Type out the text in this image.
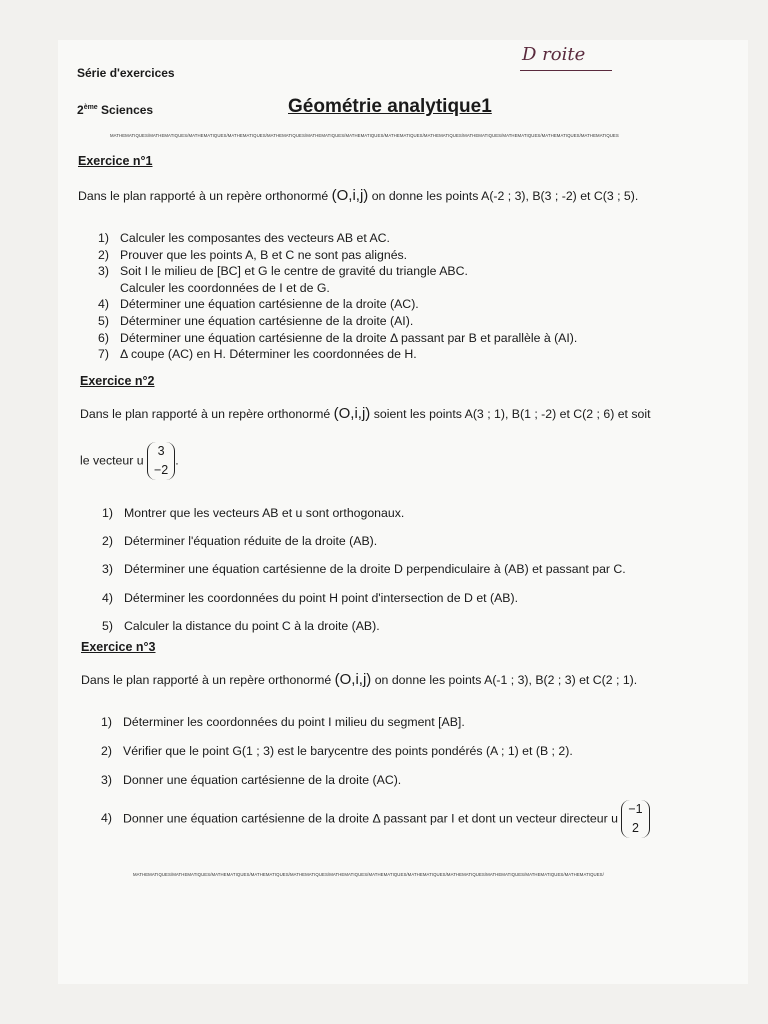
D roite
Série d'exercices
2ème Sciences	Géométrie analytique1
MATHEMATIQUES/MATHEMATIQUES/MATHEMATIQUES/MATHEMATIQUES/MATHEMATIQUES/MATHEMATIQUES/MATHEMATIQUES/MATHEMATIQUES/MATHEMATIQUES/MATHEMATIQUES/MATHEMATIQUES/MATHEMATIQUES/MATHEMATIQUES
Exercice n°1
Dans le plan rapporté à un repère orthonormé (O,i,j) on donne les points A(-2 ; 3), B(3 ; -2) et C(3 ; 5).
1) Calculer les composantes des vecteurs AB et AC.
2) Prouver que les points A, B et C ne sont pas alignés.
3) Soit I le milieu de [BC] et G le centre de gravité du triangle ABC.
Calculer les coordonnées de I et de G.
4) Déterminer une équation cartésienne de la droite (AC).
5) Déterminer une équation cartésienne de la droite (AI).
6) Déterminer une équation cartésienne de la droite Δ passant par B et parallèle à (AI).
7) Δ coupe (AC) en H. Déterminer les coordonnées de H.
Exercice n°2
Dans le plan rapporté à un repère orthonormé (O,i,j) soient les points A(3 ; 1), B(1 ; -2) et C(2 ; 6) et soit
le vecteur u 3
−2.
1) Montrer que les vecteurs AB et u sont orthogonaux.
2) Déterminer l'équation réduite de la droite (AB).
3) Déterminer une équation cartésienne de la droite D perpendiculaire à (AB) et passant par C.
4) Déterminer les coordonnées du point H point d'intersection de D et (AB).
5) Calculer la distance du point C à la droite (AB).
Exercice n°3
Dans le plan rapporté à un repère orthonormé (O,i,j) on donne les points A(-1 ; 3), B(2 ; 3) et C(2 ; 1).
1) Déterminer les coordonnées du point I milieu du segment [AB].
2) Vérifier que le point G(1 ; 3) est le barycentre des points pondérés (A ; 1) et (B ; 2).
3) Donner une équation cartésienne de la droite (AC).
4) Donner une équation cartésienne de la droite Δ passant par I et dont un vecteur directeur u −1
2
MATHEMATIQUES/MATHEMATIQUES/MATHEMATIQUES/MATHEMATIQUES/MATHEMATIQUES/MATHEMATIQUES/MATHEMATIQUES/MATHEMATIQUES/MATHEMATIQUES/MATHEMATIQUES/MATHEMATIQUES/MATHEMATIQUES/
